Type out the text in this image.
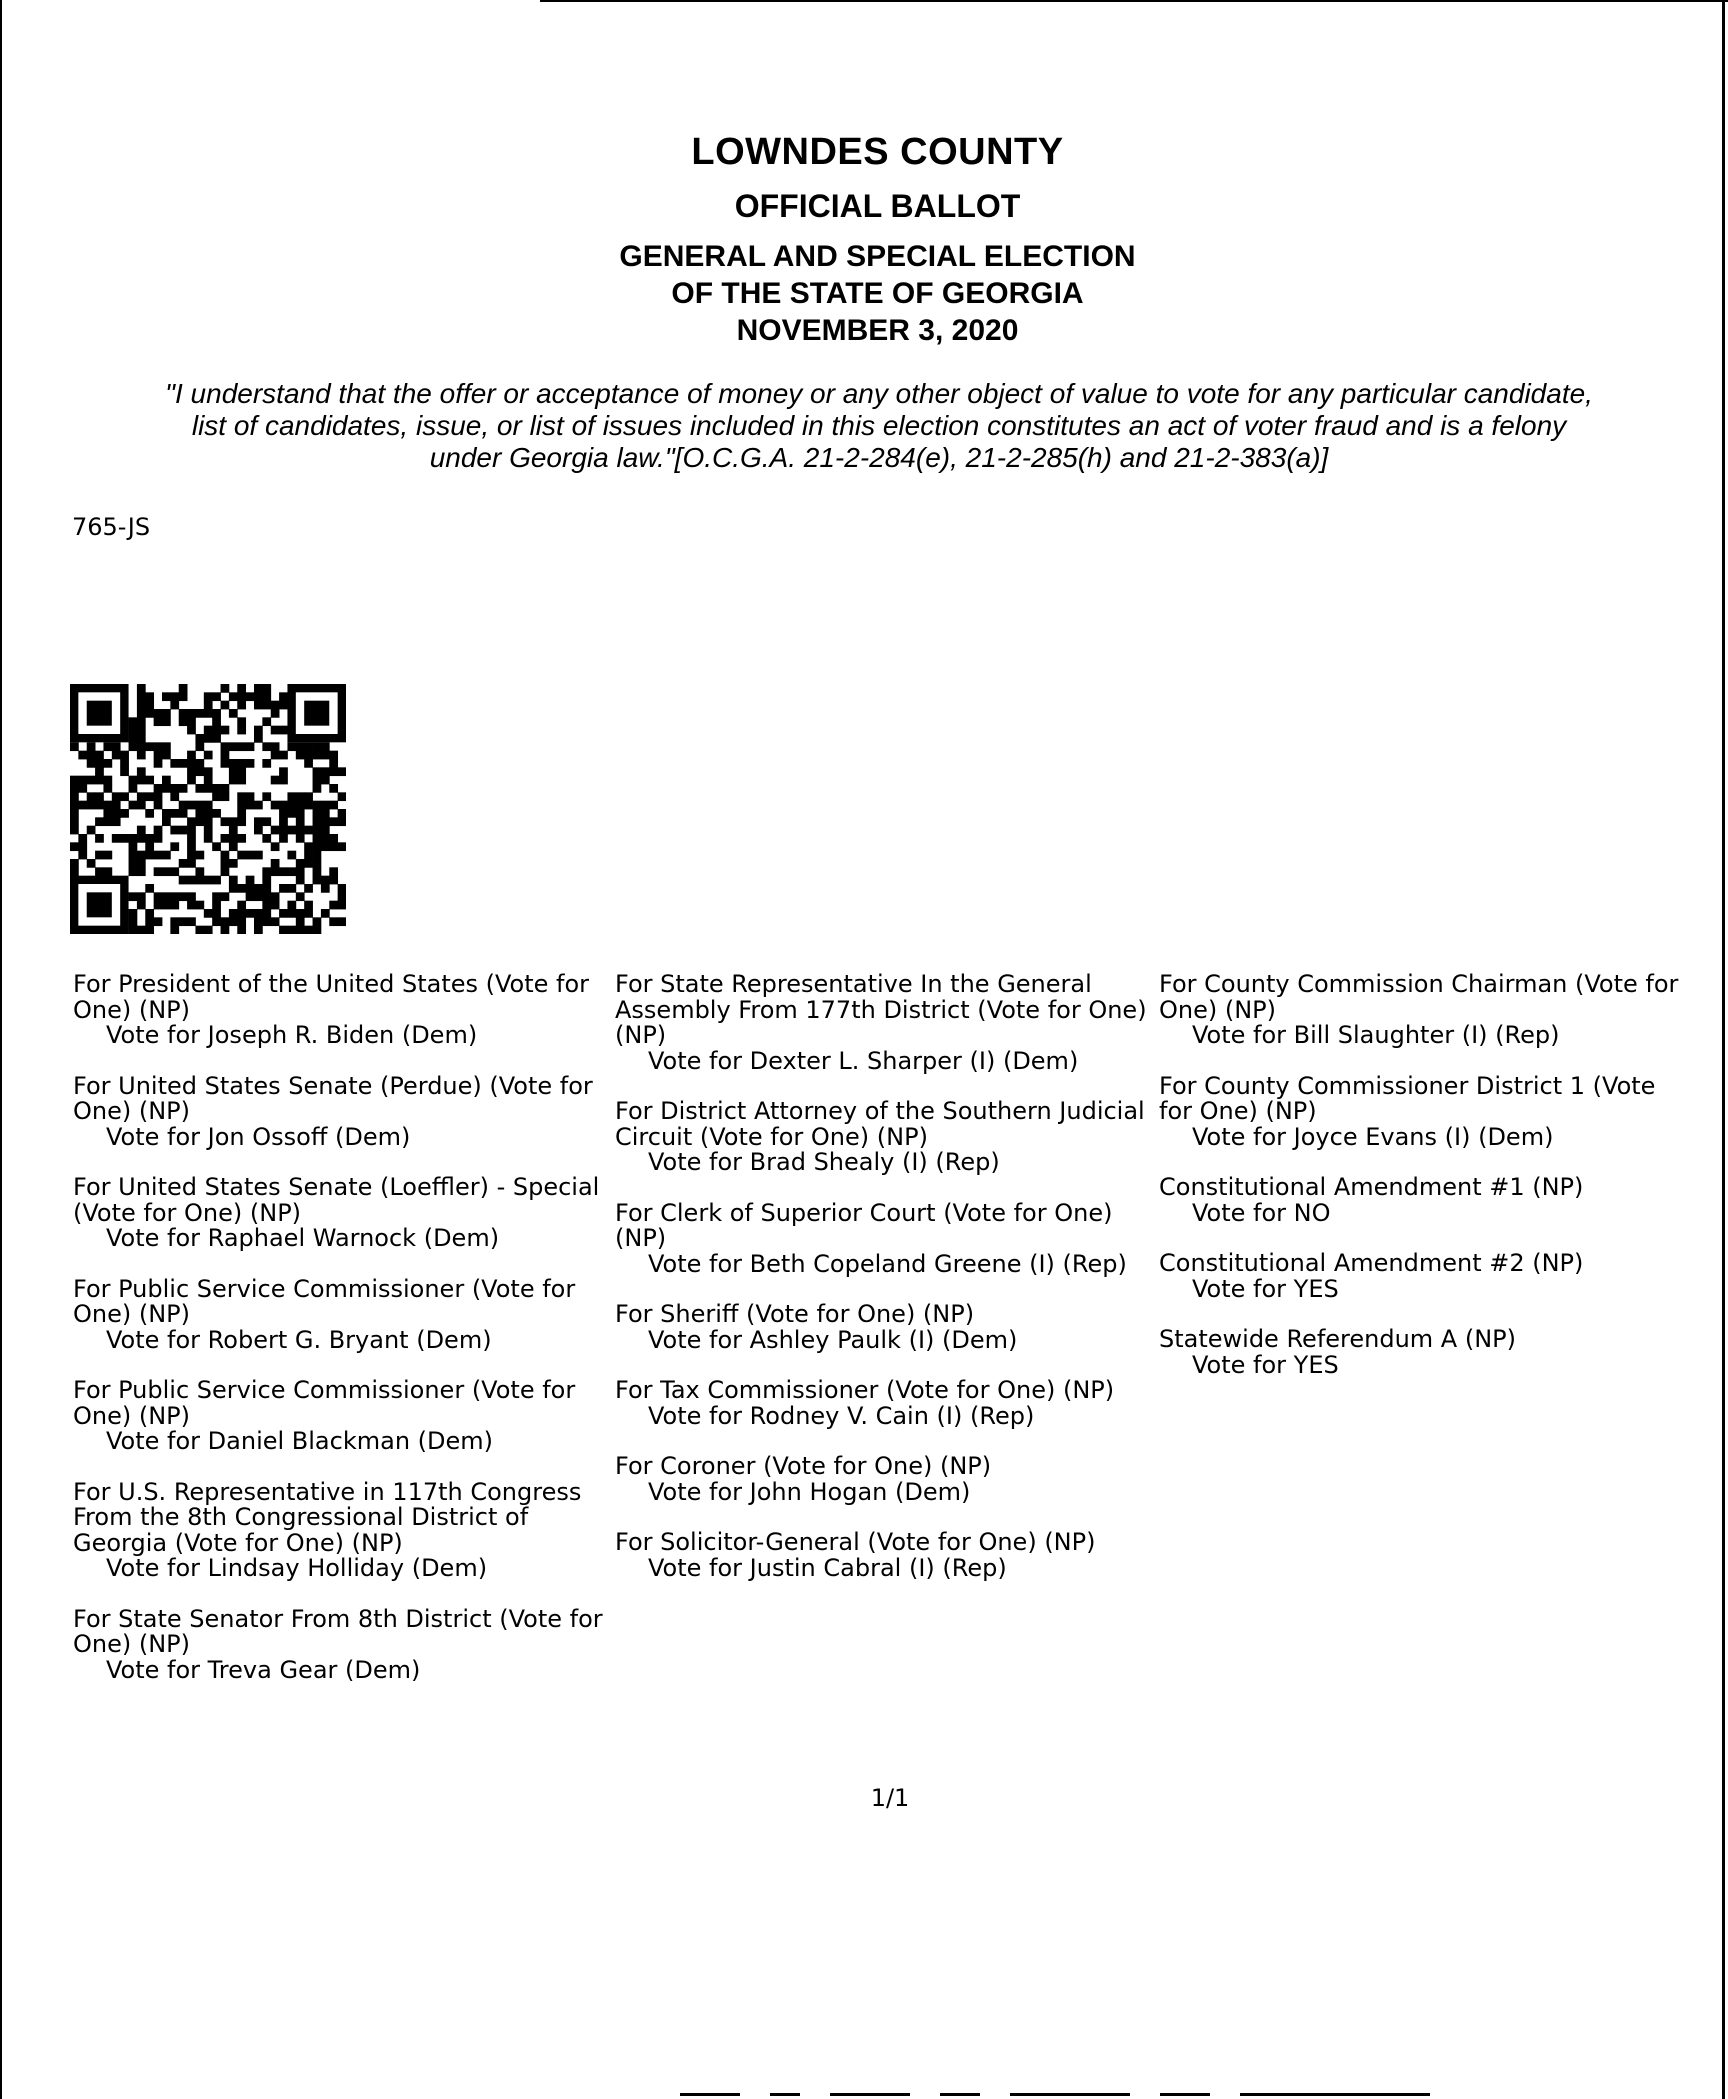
LOWNDES COUNTY
OFFICIAL BALLOT
GENERAL AND SPECIAL ELECTION
OF THE STATE OF GEORGIA
NOVEMBER 3, 2020
"I understand that the offer or acceptance of money or any other object of value to vote for any particular candidate,
list of candidates, issue, or list of issues included in this election constitutes an act of voter fraud and is a felony
under Georgia law."[O.C.G.A. 21-2-284(e), 21-2-285(h) and 21-2-383(a)]
765-JS
For President of the United States (Vote for One) (NP)
Vote for Joseph R. Biden (Dem)
For United States Senate (Perdue) (Vote for One) (NP)
Vote for Jon Ossoff (Dem)
For United States Senate (Loeffler) - Special (Vote for One) (NP)
Vote for Raphael Warnock (Dem)
For Public Service Commissioner (Vote for One) (NP)
Vote for Robert G. Bryant (Dem)
For Public Service Commissioner (Vote for One) (NP)
Vote for Daniel Blackman (Dem)
For U.S. Representative in 117th Congress From the 8th Congressional District of Georgia (Vote for One) (NP)
Vote for Lindsay Holliday (Dem)
For State Senator From 8th District (Vote for One) (NP)
Vote for Treva Gear (Dem)
For State Representative In the General Assembly From 177th District (Vote for One) (NP)
Vote for Dexter L. Sharper (I) (Dem)
For District Attorney of the Southern Judicial Circuit (Vote for One) (NP)
Vote for Brad Shealy (I) (Rep)
For Clerk of Superior Court (Vote for One) (NP)
Vote for Beth Copeland Greene (I) (Rep)
For Sheriff (Vote for One) (NP)
Vote for Ashley Paulk (I) (Dem)
For Tax Commissioner (Vote for One) (NP)
Vote for Rodney V. Cain (I) (Rep)
For Coroner (Vote for One) (NP)
Vote for John Hogan (Dem)
For Solicitor-General (Vote for One) (NP)
Vote for Justin Cabral (I) (Rep)
For County Commission Chairman (Vote for One) (NP)
Vote for Bill Slaughter (I) (Rep)
For County Commissioner District 1 (Vote for One) (NP)
Vote for Joyce Evans (I) (Dem)
Constitutional Amendment #1 (NP)
Vote for NO
Constitutional Amendment #2 (NP)
Vote for YES
Statewide Referendum A (NP)
Vote for YES
1/1
